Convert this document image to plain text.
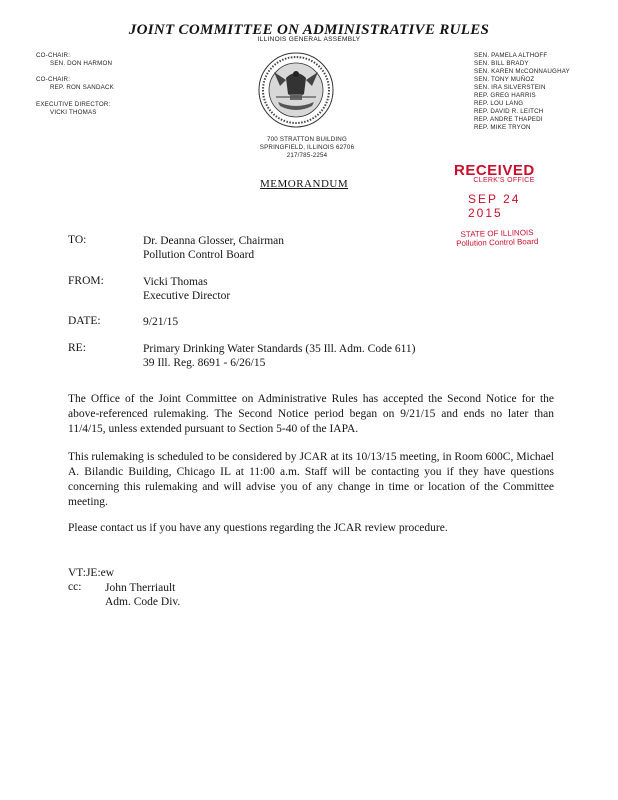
JOINT COMMITTEE ON ADMINISTRATIVE RULES
ILLINOIS GENERAL ASSEMBLY
CO-CHAIR:
SEN. DON HARMON
CO-CHAIR:
REP. RON SANDACK
EXECUTIVE DIRECTOR:
VICKI THOMAS
700 STRATTON BUILDING
SPRINGFIELD, ILLINOIS 62706
217/785-2254
SEN. PAMELA ALTHOFF
SEN. BILL BRADY
SEN. KAREN McCONNAUGHAY
SEN. TONY MUÑOZ
SEN. IRA SILVERSTEIN
REP. GREG HARRIS
REP. LOU LANG
REP. DAVID R. LEITCH
REP. ANDRE THAPEDI
REP. MIKE TRYON
MEMORANDUM
RECEIVED
CLERK'S OFFICE
SEP 24 2015
STATE OF ILLINOIS
Pollution Control Board
TO:	Dr. Deanna Glosser, Chairman
Pollution Control Board
FROM:	Vicki Thomas
Executive Director
DATE:	9/21/15
RE:	Primary Drinking Water Standards (35 Ill. Adm. Code 611)
39 Ill. Reg. 8691 - 6/26/15
The Office of the Joint Committee on Administrative Rules has accepted the Second Notice for the above-referenced rulemaking. The Second Notice period began on 9/21/15 and ends no later than 11/4/15, unless extended pursuant to Section 5-40 of the IAPA.
This rulemaking is scheduled to be considered by JCAR at its 10/13/15 meeting, in Room 600C, Michael A. Bilandic Building, Chicago IL at 11:00 a.m. Staff will be contacting you if they have questions concerning this rulemaking and will advise you of any change in time or location of the Committee meeting.
Please contact us if you have any questions regarding the JCAR review procedure.
VT:JE:ew
cc: John Therriault
Adm. Code Div.
